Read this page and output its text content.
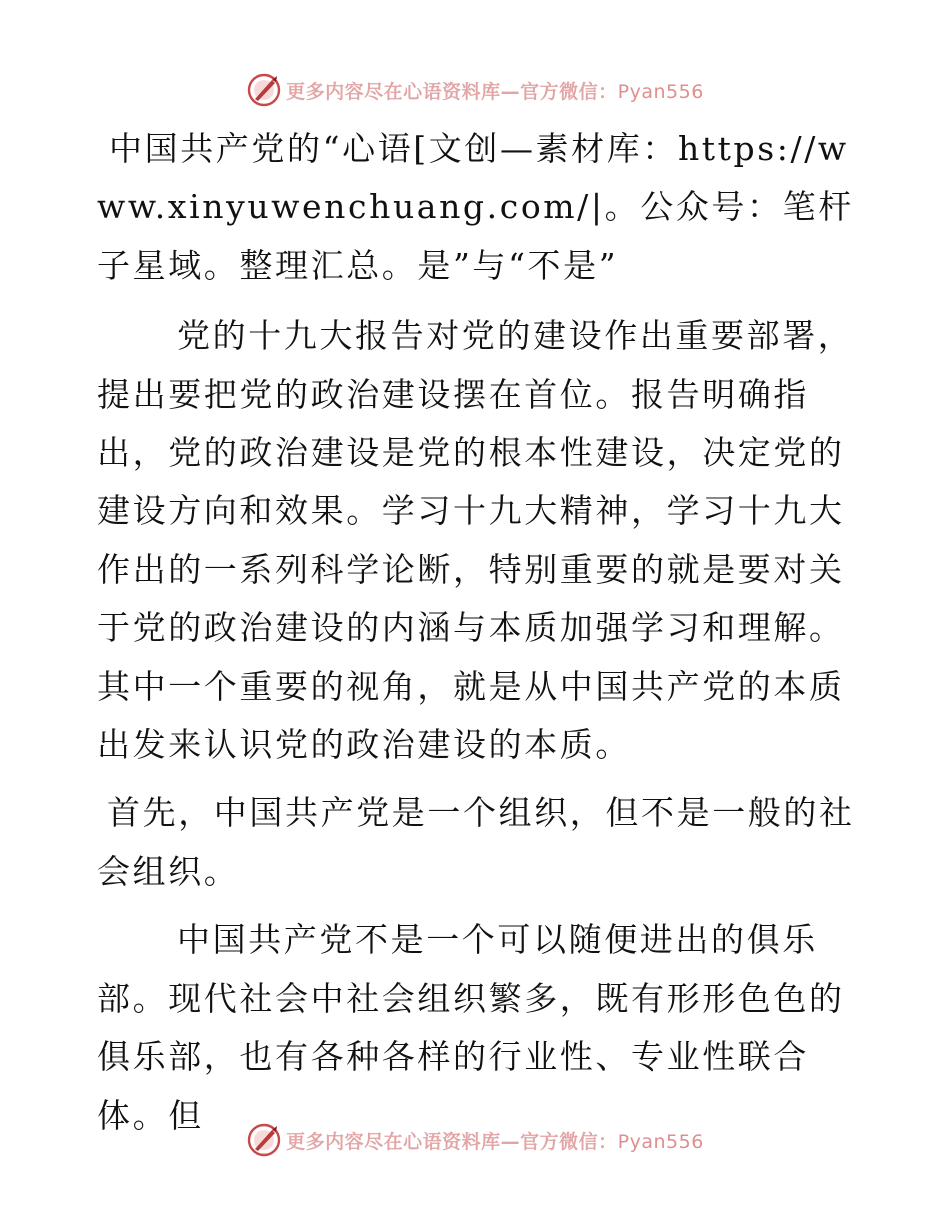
更多内容尽在心语资料库—官方微信：Pyan556

中国共产党的“心语[文创—素材库：https://www.xinyuwenchuang.com/|。公众号：笔杆子星域。整理汇总。是”与“不是”

党的十九大报告对党的建设作出重要部署，提出要把党的政治建设摆在首位。报告明确指出，党的政治建设是党的根本性建设，决定党的建设方向和效果。学习十九大精神，学习十九大作出的一系列科学论断，特别重要的就是要对关于党的政治建设的内涵与本质加强学习和理解。其中一个重要的视角，就是从中国共产党的本质出发来认识党的政治建设的本质。

首先，中国共产党是一个组织，但不是一般的社会组织。

中国共产党不是一个可以随便进出的俱乐部。现代社会中社会组织繁多，既有形形色色的俱乐部，也有各种各样的行业性、专业性联合体。但

更多内容尽在心语资料库—官方微信：Pyan556
